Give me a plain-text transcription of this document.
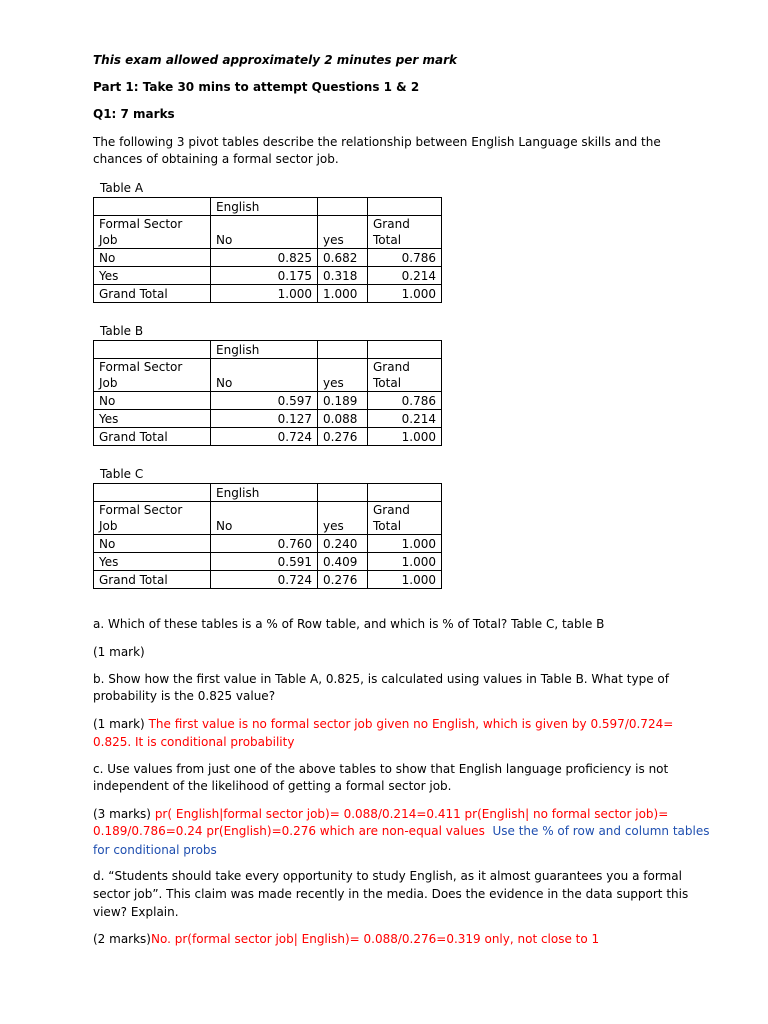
This exam allowed approximately 2 minutes per mark
Part 1: Take 30 mins to attempt Questions 1 & 2
Q1: 7 marks
The following 3 pivot tables describe the relationship between English Language skills and the
chances of obtaining a formal sector job.
Table A
	English		
Formal Sector
Job	No	yes	Grand
Total
No	0.825	0.682	0.786
Yes	0.175	0.318	0.214
Grand Total	1.000	1.000	1.000
Table B
	English		
Formal Sector
Job	No	yes	Grand
Total
No	0.597	0.189	0.786
Yes	0.127	0.088	0.214
Grand Total	0.724	0.276	1.000
Table C
	English		
Formal Sector
Job	No	yes	Grand
Total
No	0.760	0.240	1.000
Yes	0.591	0.409	1.000
Grand Total	0.724	0.276	1.000
a. Which of these tables is a % of Row table, and which is % of Total? Table C, table B
(1 mark)
b. Show how the first value in Table A, 0.825, is calculated using values in Table B. What type of
probability is the 0.825 value?
(1 mark) The first value is no formal sector job given no English, which is given by 0.597/0.724=
0.825. It is conditional probability
c. Use values from just one of the above tables to show that English language proficiency is not
independent of the likelihood of getting a formal sector job.
(3 marks) pr( English|formal sector job)= 0.088/0.214=0.411 pr(English| no formal sector job)=
0.189/0.786=0.24 pr(English)=0.276 which are non-equal values Use the % of row and column tables
for conditional probs
d. “Students should take every opportunity to study English, as it almost guarantees you a formal
sector job”. This claim was made recently in the media. Does the evidence in the data support this
view? Explain.
(2 marks)No. pr(formal sector job| English)= 0.088/0.276=0.319 only, not close to 1
